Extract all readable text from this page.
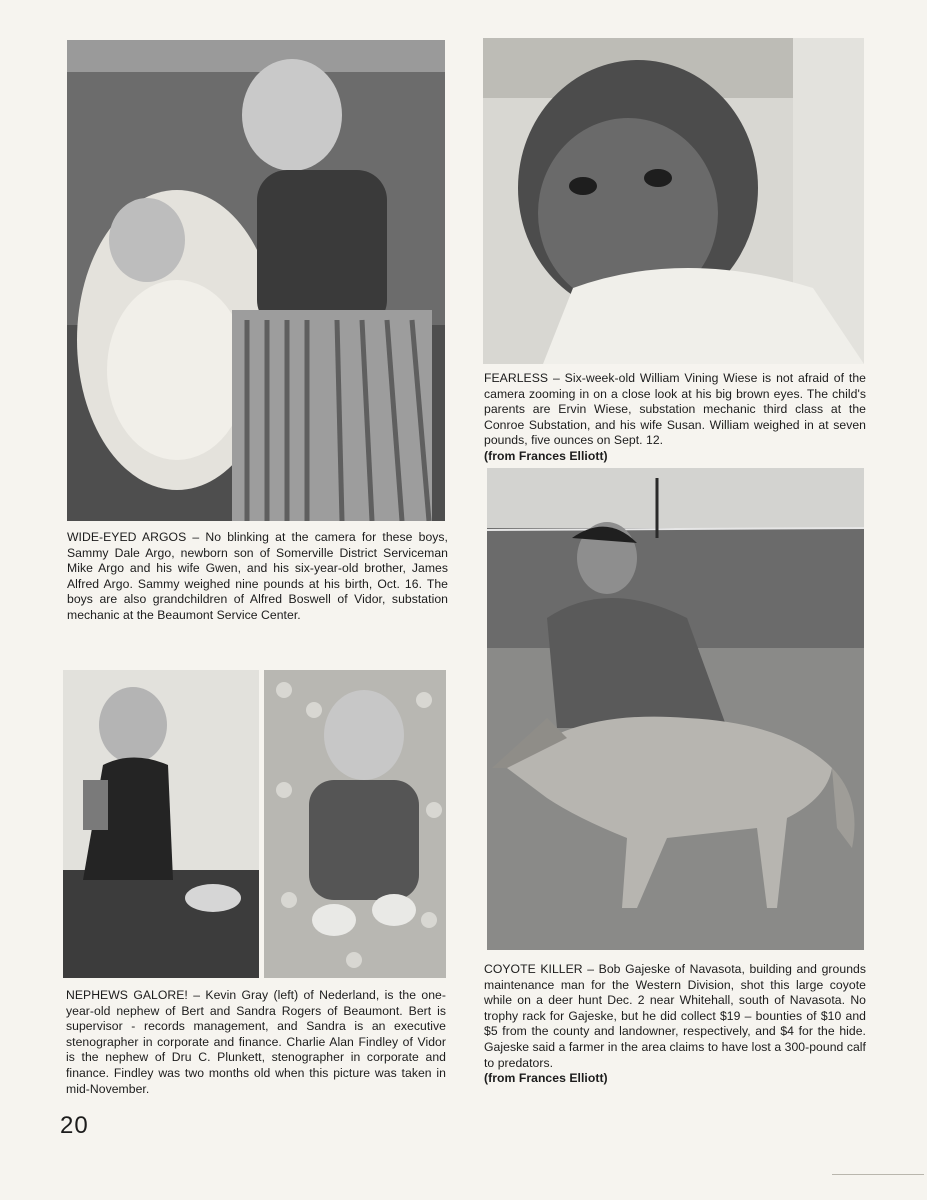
FEARLESS – Six-week-old William Vining Wiese is not afraid of the camera zooming in on a close look at his big brown eyes. The child's parents are Ervin Wiese, substation mechanic third class at the Conroe Substation, and his wife Susan. William weighed in at seven pounds, five ounces on Sept. 12.
(from Frances Elliott)
WIDE-EYED ARGOS – No blinking at the camera for these boys, Sammy Dale Argo, newborn son of Somerville District Serviceman Mike Argo and his wife Gwen, and his six-year-old brother, James Alfred Argo. Sammy weighed nine pounds at his birth, Oct. 16. The boys are also grandchildren of Alfred Boswell of Vidor, substation mechanic at the Beaumont Service Center.
COYOTE KILLER – Bob Gajeske of Navasota, building and grounds maintenance man for the Western Division, shot this large coyote while on a deer hunt Dec. 2 near Whitehall, south of Navasota. No trophy rack for Gajeske, but he did collect $19 – bounties of $10 and $5 from the county and landowner, respectively, and $4 for the hide. Gajeske said a farmer in the area claims to have lost a 300-pound calf to predators.
(from Frances Elliott)
NEPHEWS GALORE! – Kevin Gray (left) of Nederland, is the one-year-old nephew of Bert and Sandra Rogers of Beaumont. Bert is supervisor - records management, and Sandra is an executive stenographer in corporate and finance. Charlie Alan Findley of Vidor is the nephew of Dru C. Plunkett, stenographer in corporate and finance. Findley was two months old when this picture was taken in mid-November.
20
